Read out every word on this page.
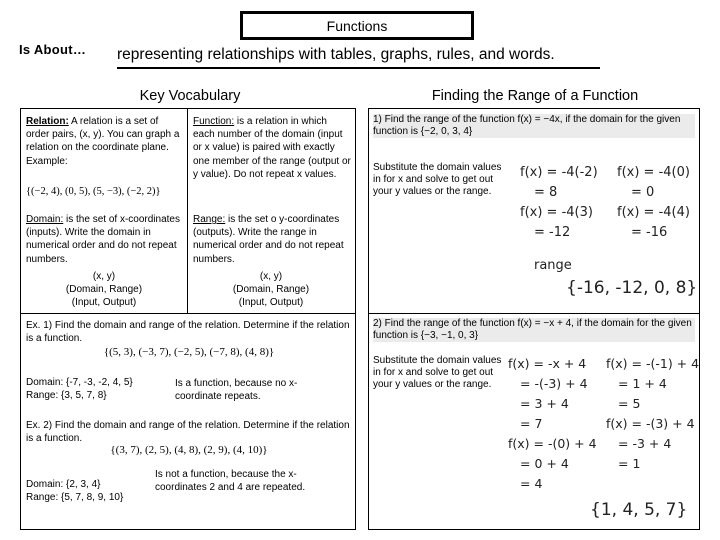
Functions
Is About… representing relationships with tables, graphs, rules, and words.
Key Vocabulary
Relation: A relation is a set of order pairs, (x, y). You can graph a relation on the coordinate plane.
Example:
{(−2, 4), (0, 5), (5, −3), (−2, 2)}
Function: is a relation in which each number of the domain (input or x value) is paired with exactly one member of the range (output or y value). Do not repeat x values.
Domain: is the set of x-coordinates (inputs). Write the domain in numerical order and do not repeat numbers.
(x, y)
(Domain, Range)
(Input, Output)
Range: is the set o y-coordinates (outputs). Write the range in numerical order and do not repeat numbers.
(x, y)
(Domain, Range)
(Input, Output)
Ex. 1) Find the domain and range of the relation. Determine if the relation is a function.
{(5, 3), (−3, 7), (−2, 5), (−7, 8), (4, 8)}
Domain: {-7, -3, -2, 4, 5}
Range: {3, 5, 7, 8}
Is a function, because no x-coordinate repeats.
Ex. 2) Find the domain and range of the relation. Determine if the relation is a function.
{(3, 7), (2, 5), (4, 8), (2, 9), (4, 10)}
Domain: {2, 3, 4}
Range: {5, 7, 8, 9, 10}
Is not a function, because the x-coordinates 2 and 4 are repeated.
Finding the Range of a Function
1) Find the range of the function f(x) = −4x, if the domain for the given function is {−2, 0, 3, 4}
Substitute the domain values in for x and solve to get out your y values or the range.
f(x) = -4(-2)
= 8
f(x) = -4(3)
= -12
f(x) = -4(0)
= 0
f(x) = -4(4)
= -16
range
{-16, -12, 0, 8}
2) Find the range of the function f(x) = −x + 4, if the domain for the given function is {−3, −1, 0, 3}
Substitute the domain values in for x and solve to get out your y values or the range.
f(x) = -x + 4
= -(-3) + 4
= 3 + 4
= 7
f(x) = -(0) + 4
= 0 + 4
= 4
f(x) = -(-1) + 4
= 1 + 4
= 5
f(x) = -(3) + 4
= -3 + 4
= 1
{1, 4, 5, 7}
